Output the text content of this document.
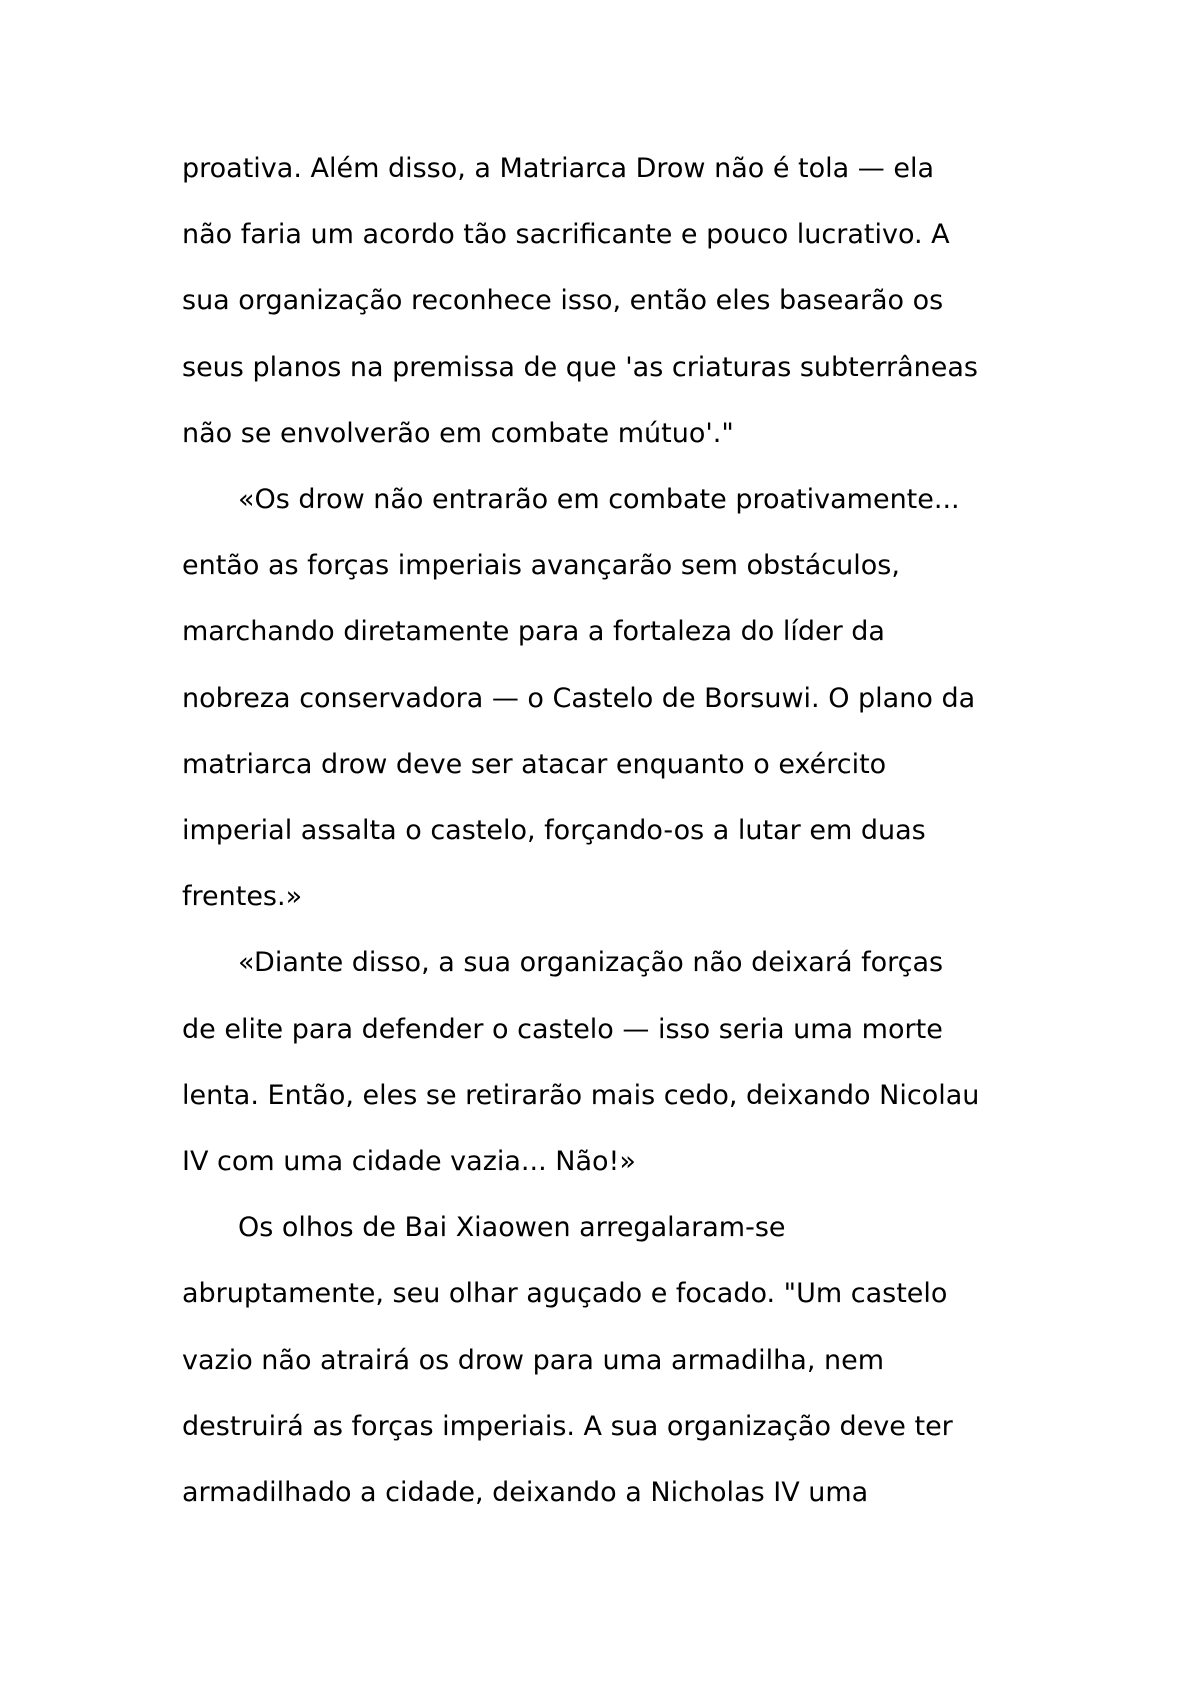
proativa. Além disso, a Matriarca Drow não é tola — ela
não faria um acordo tão sacrificante e pouco lucrativo. A
sua organização reconhece isso, então eles basearão os
seus planos na premissa de que 'as criaturas subterrâneas
não se envolverão em combate mútuo'."
«Os drow não entrarão em combate proativamente...
então as forças imperiais avançarão sem obstáculos,
marchando diretamente para a fortaleza do líder da
nobreza conservadora — o Castelo de Borsuwi. O plano da
matriarca drow deve ser atacar enquanto o exército
imperial assalta o castelo, forçando-os a lutar em duas
frentes.»
«Diante disso, a sua organização não deixará forças
de elite para defender o castelo — isso seria uma morte
lenta. Então, eles se retirarão mais cedo, deixando Nicolau
IV com uma cidade vazia... Não!»
Os olhos de Bai Xiaowen arregalaram-se
abruptamente, seu olhar aguçado e focado. "Um castelo
vazio não atrairá os drow para uma armadilha, nem
destruirá as forças imperiais. A sua organização deve ter
armadilhado a cidade, deixando a Nicholas IV uma
